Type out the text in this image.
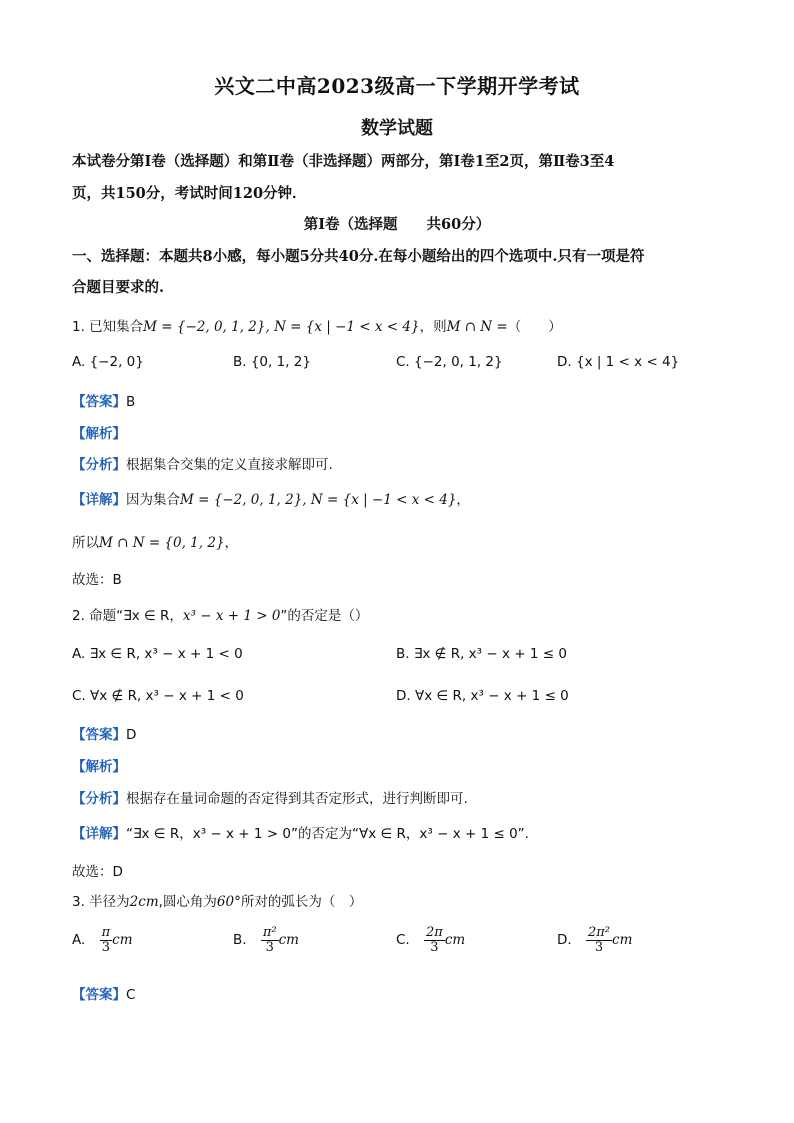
兴文二中高2023级高一下学期开学考试
数学试题
本试卷分第Ⅰ卷（选择题）和第Ⅱ卷（非选择题）两部分，第Ⅰ卷1至2页，第Ⅱ卷3至4
页，共150分，考试时间120分钟．
第Ⅰ卷（选择题　　共60分）
一、选择题：本题共8小感，每小题5分共40分.在每小题给出的四个选项中.只有一项是符
合题目要求的.
1. 已知集合M = {−2, 0, 1, 2}, N = {x | −1 < x < 4}，则M ∩ N =（　　）
A. {−2, 0}	B. {0, 1, 2}	C. {−2, 0, 1, 2}	D. {x | 1 < x < 4}
【答案】B
【解析】
【分析】根据集合交集的定义直接求解即可.
【详解】因为集合M = {−2, 0, 1, 2}, N = {x | −1 < x < 4}，
所以M ∩ N = {0, 1, 2}，
故选：B
2. 命题“∃x ∈ R，x³ − x + 1 > 0”的否定是（）
A. ∃x ∈ R, x³ − x + 1 < 0	B. ∃x ∉ R, x³ − x + 1 ≤ 0
C. ∀x ∉ R, x³ − x + 1 < 0	D. ∀x ∈ R, x³ − x + 1 ≤ 0
【答案】D
【解析】
【分析】根据存在量词命题的否定得到其否定形式，进行判断即可.
【详解】“∃x ∈ R，x³ − x + 1 > 0”的否定为“∀x ∈ R，x³ − x + 1 ≤ 0”.
故选：D
3. 半径为2cm,圆心角为60°所对的弧长为（　）
A. $\frac{\pi}{3}$ cm	B. $\frac{\text{π²}}{3}$ cm	C. $\frac{2\pi}{3}$ cm	D. $\frac{\text{2π²}}{3}$ cm
【答案】C
